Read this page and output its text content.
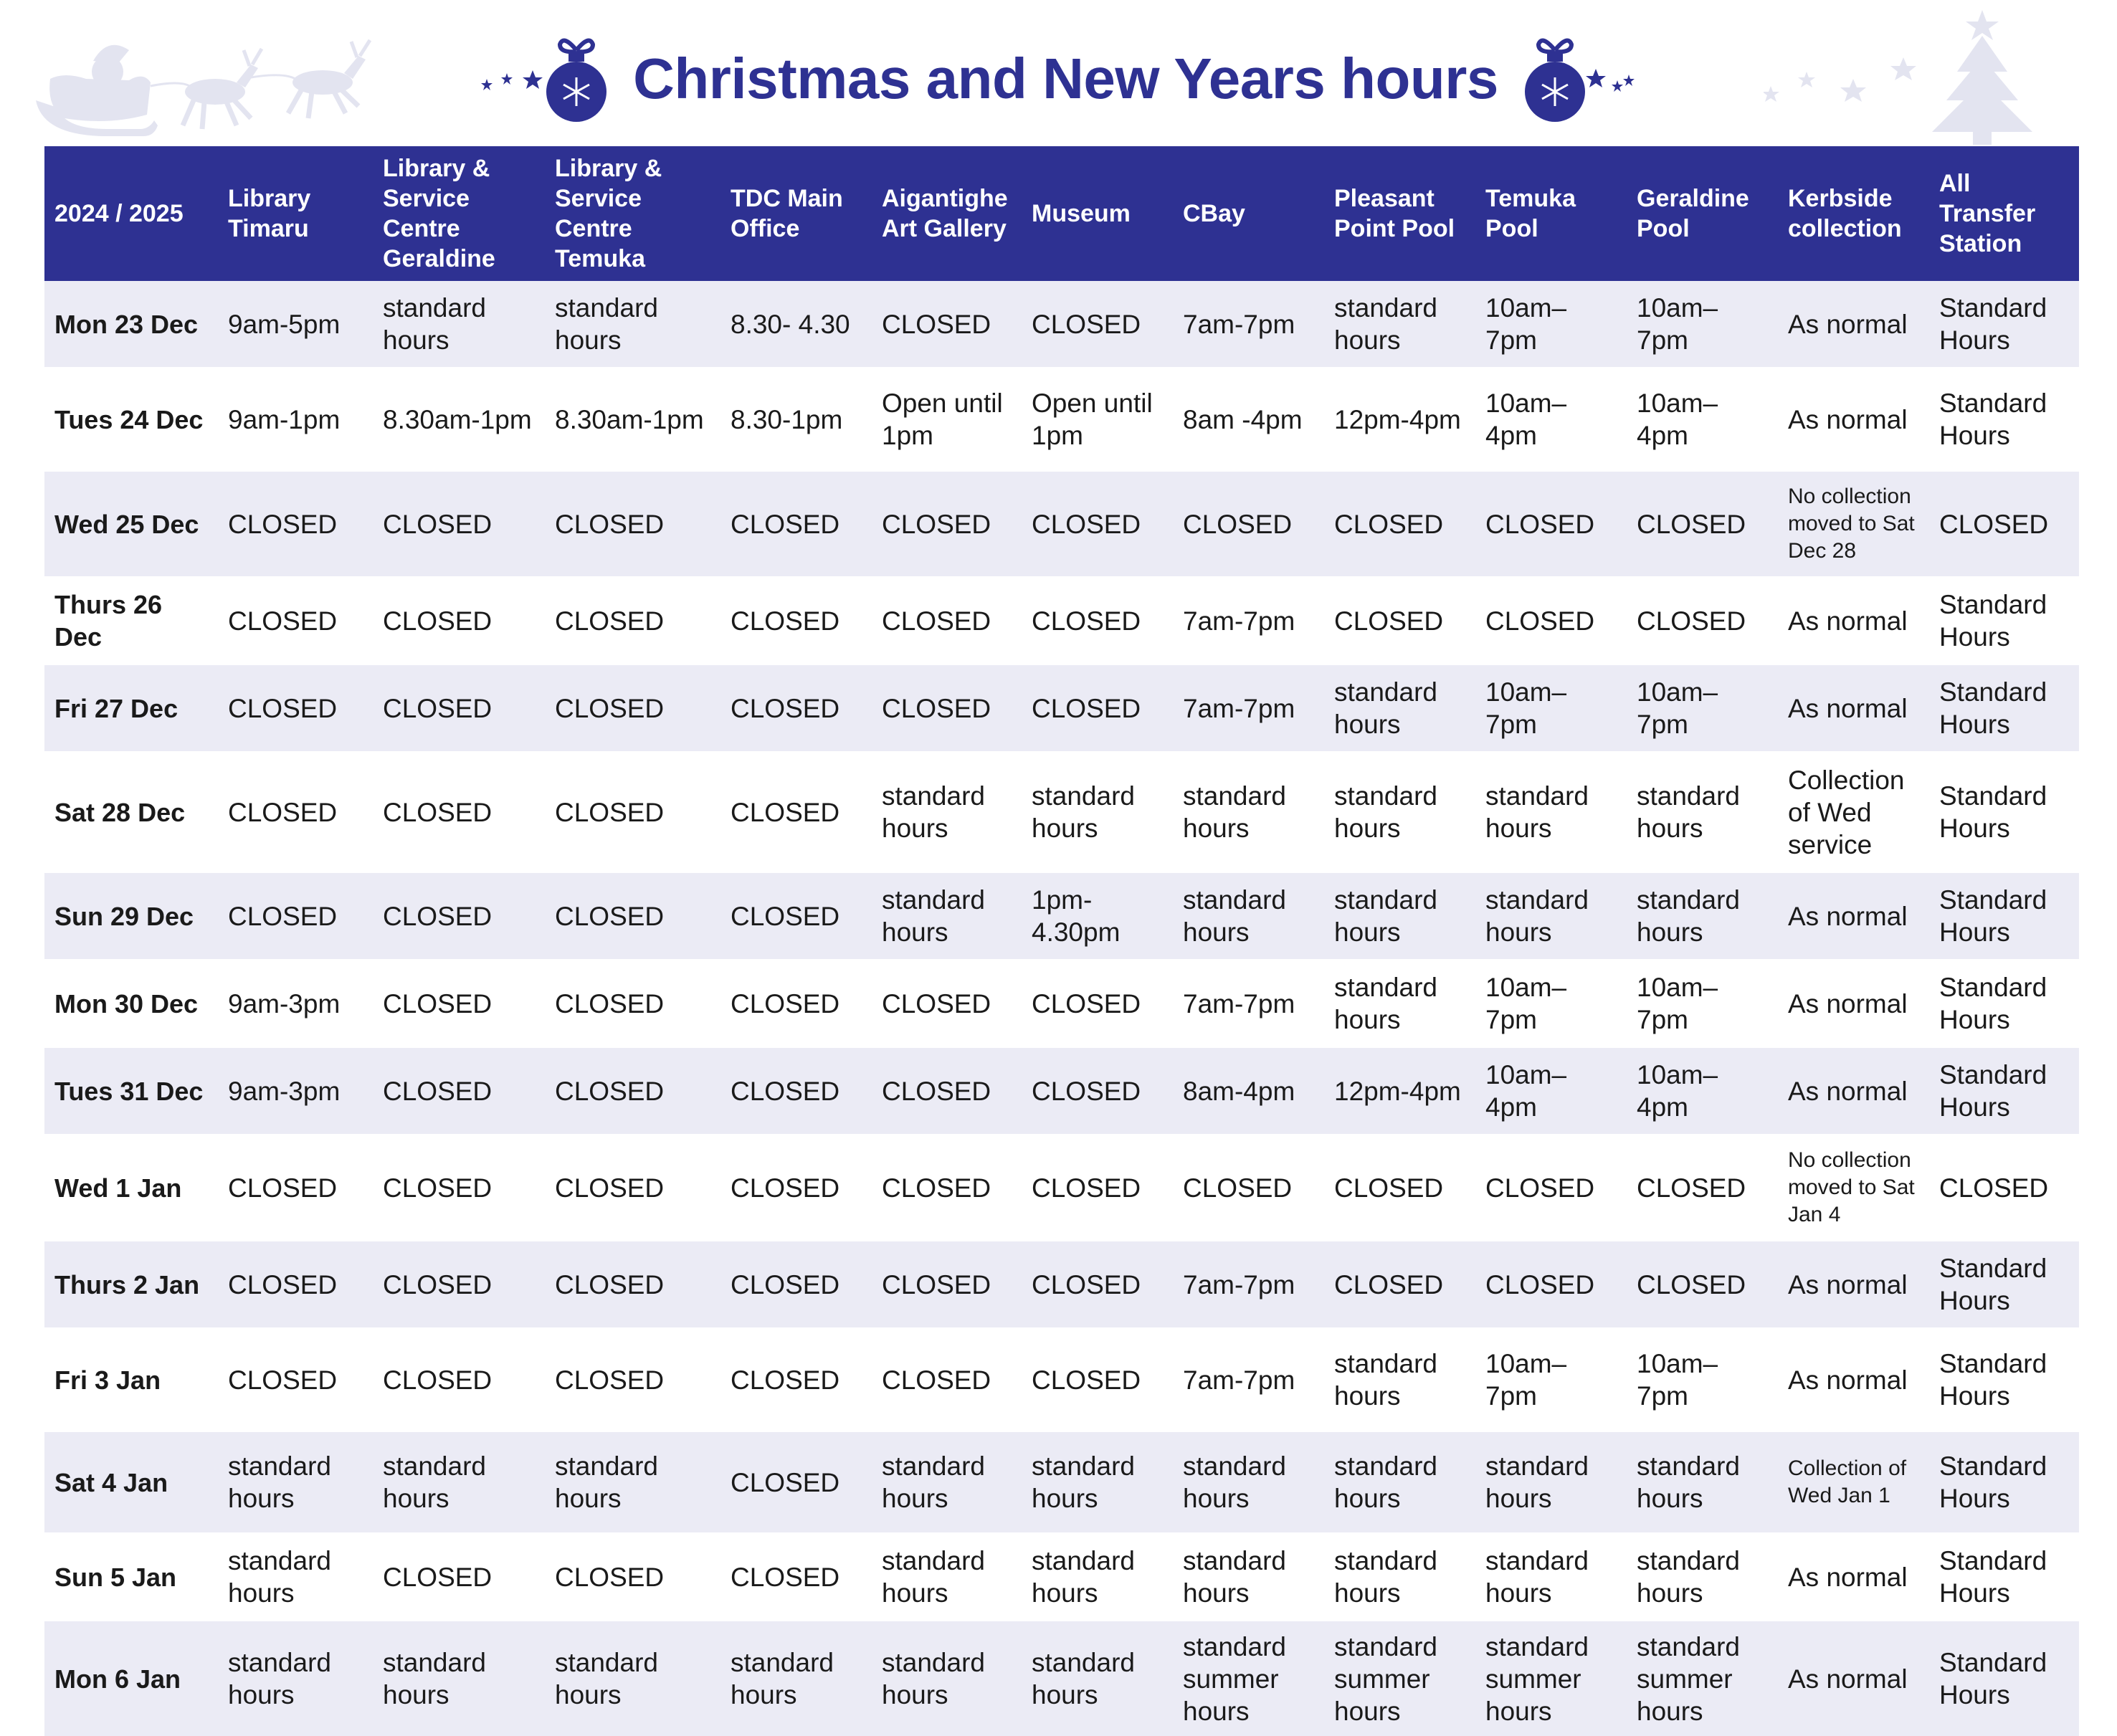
Christmas and New Years hours
2024 / 2025	Library Timaru	Library & Service Centre Geraldine	Library & Service Centre Temuka	TDC Main Office	Aigantighe Art Gallery	Museum	CBay	Pleasant Point Pool	Temuka Pool	Geraldine Pool	Kerbside collection	All Transfer Station
Mon 23 Dec	9am-5pm	standard hours	standard hours	8.30- 4.30	CLOSED	CLOSED	7am-7pm	standard hours	10am–7pm	10am–7pm	As normal	Standard Hours
Tues 24 Dec	9am-1pm	8.30am-1pm	8.30am-1pm	8.30-1pm	Open until 1pm	Open until 1pm	8am -4pm	12pm-4pm	10am–4pm	10am–4pm	As normal	Standard Hours
Wed 25 Dec	CLOSED	CLOSED	CLOSED	CLOSED	CLOSED	CLOSED	CLOSED	CLOSED	CLOSED	CLOSED	No collection moved to Sat Dec 28	CLOSED
Thurs 26 Dec	CLOSED	CLOSED	CLOSED	CLOSED	CLOSED	CLOSED	7am-7pm	CLOSED	CLOSED	CLOSED	As normal	Standard Hours
Fri 27 Dec	CLOSED	CLOSED	CLOSED	CLOSED	CLOSED	CLOSED	7am-7pm	standard hours	10am–7pm	10am–7pm	As normal	Standard Hours
Sat 28 Dec	CLOSED	CLOSED	CLOSED	CLOSED	standard hours	standard hours	standard hours	standard hours	standard hours	standard hours	Collection of Wed service	Standard Hours
Sun 29 Dec	CLOSED	CLOSED	CLOSED	CLOSED	standard hours	1pm-4.30pm	standard hours	standard hours	standard hours	standard hours	As normal	Standard Hours
Mon 30 Dec	9am-3pm	CLOSED	CLOSED	CLOSED	CLOSED	CLOSED	7am-7pm	standard hours	10am–7pm	10am–7pm	As normal	Standard Hours
Tues 31 Dec	9am-3pm	CLOSED	CLOSED	CLOSED	CLOSED	CLOSED	8am-4pm	12pm-4pm	10am–4pm	10am–4pm	As normal	Standard Hours
Wed 1 Jan	CLOSED	CLOSED	CLOSED	CLOSED	CLOSED	CLOSED	CLOSED	CLOSED	CLOSED	CLOSED	No collection moved to Sat Jan 4	CLOSED
Thurs 2 Jan	CLOSED	CLOSED	CLOSED	CLOSED	CLOSED	CLOSED	7am-7pm	CLOSED	CLOSED	CLOSED	As normal	Standard Hours
Fri 3 Jan	CLOSED	CLOSED	CLOSED	CLOSED	CLOSED	CLOSED	7am-7pm	standard hours	10am–7pm	10am–7pm	As normal	Standard Hours
Sat 4 Jan	standard hours	standard hours	standard hours	CLOSED	standard hours	standard hours	standard hours	standard hours	standard hours	standard hours	Collection of Wed Jan 1	Standard Hours
Sun 5 Jan	standard hours	CLOSED	CLOSED	CLOSED	standard hours	standard hours	standard hours	standard hours	standard hours	standard hours	As normal	Standard Hours
Mon 6 Jan	standard hours	standard hours	standard hours	standard hours	standard hours	standard hours	standard summer hours	standard summer hours	standard summer hours	standard summer hours	As normal	Standard Hours
